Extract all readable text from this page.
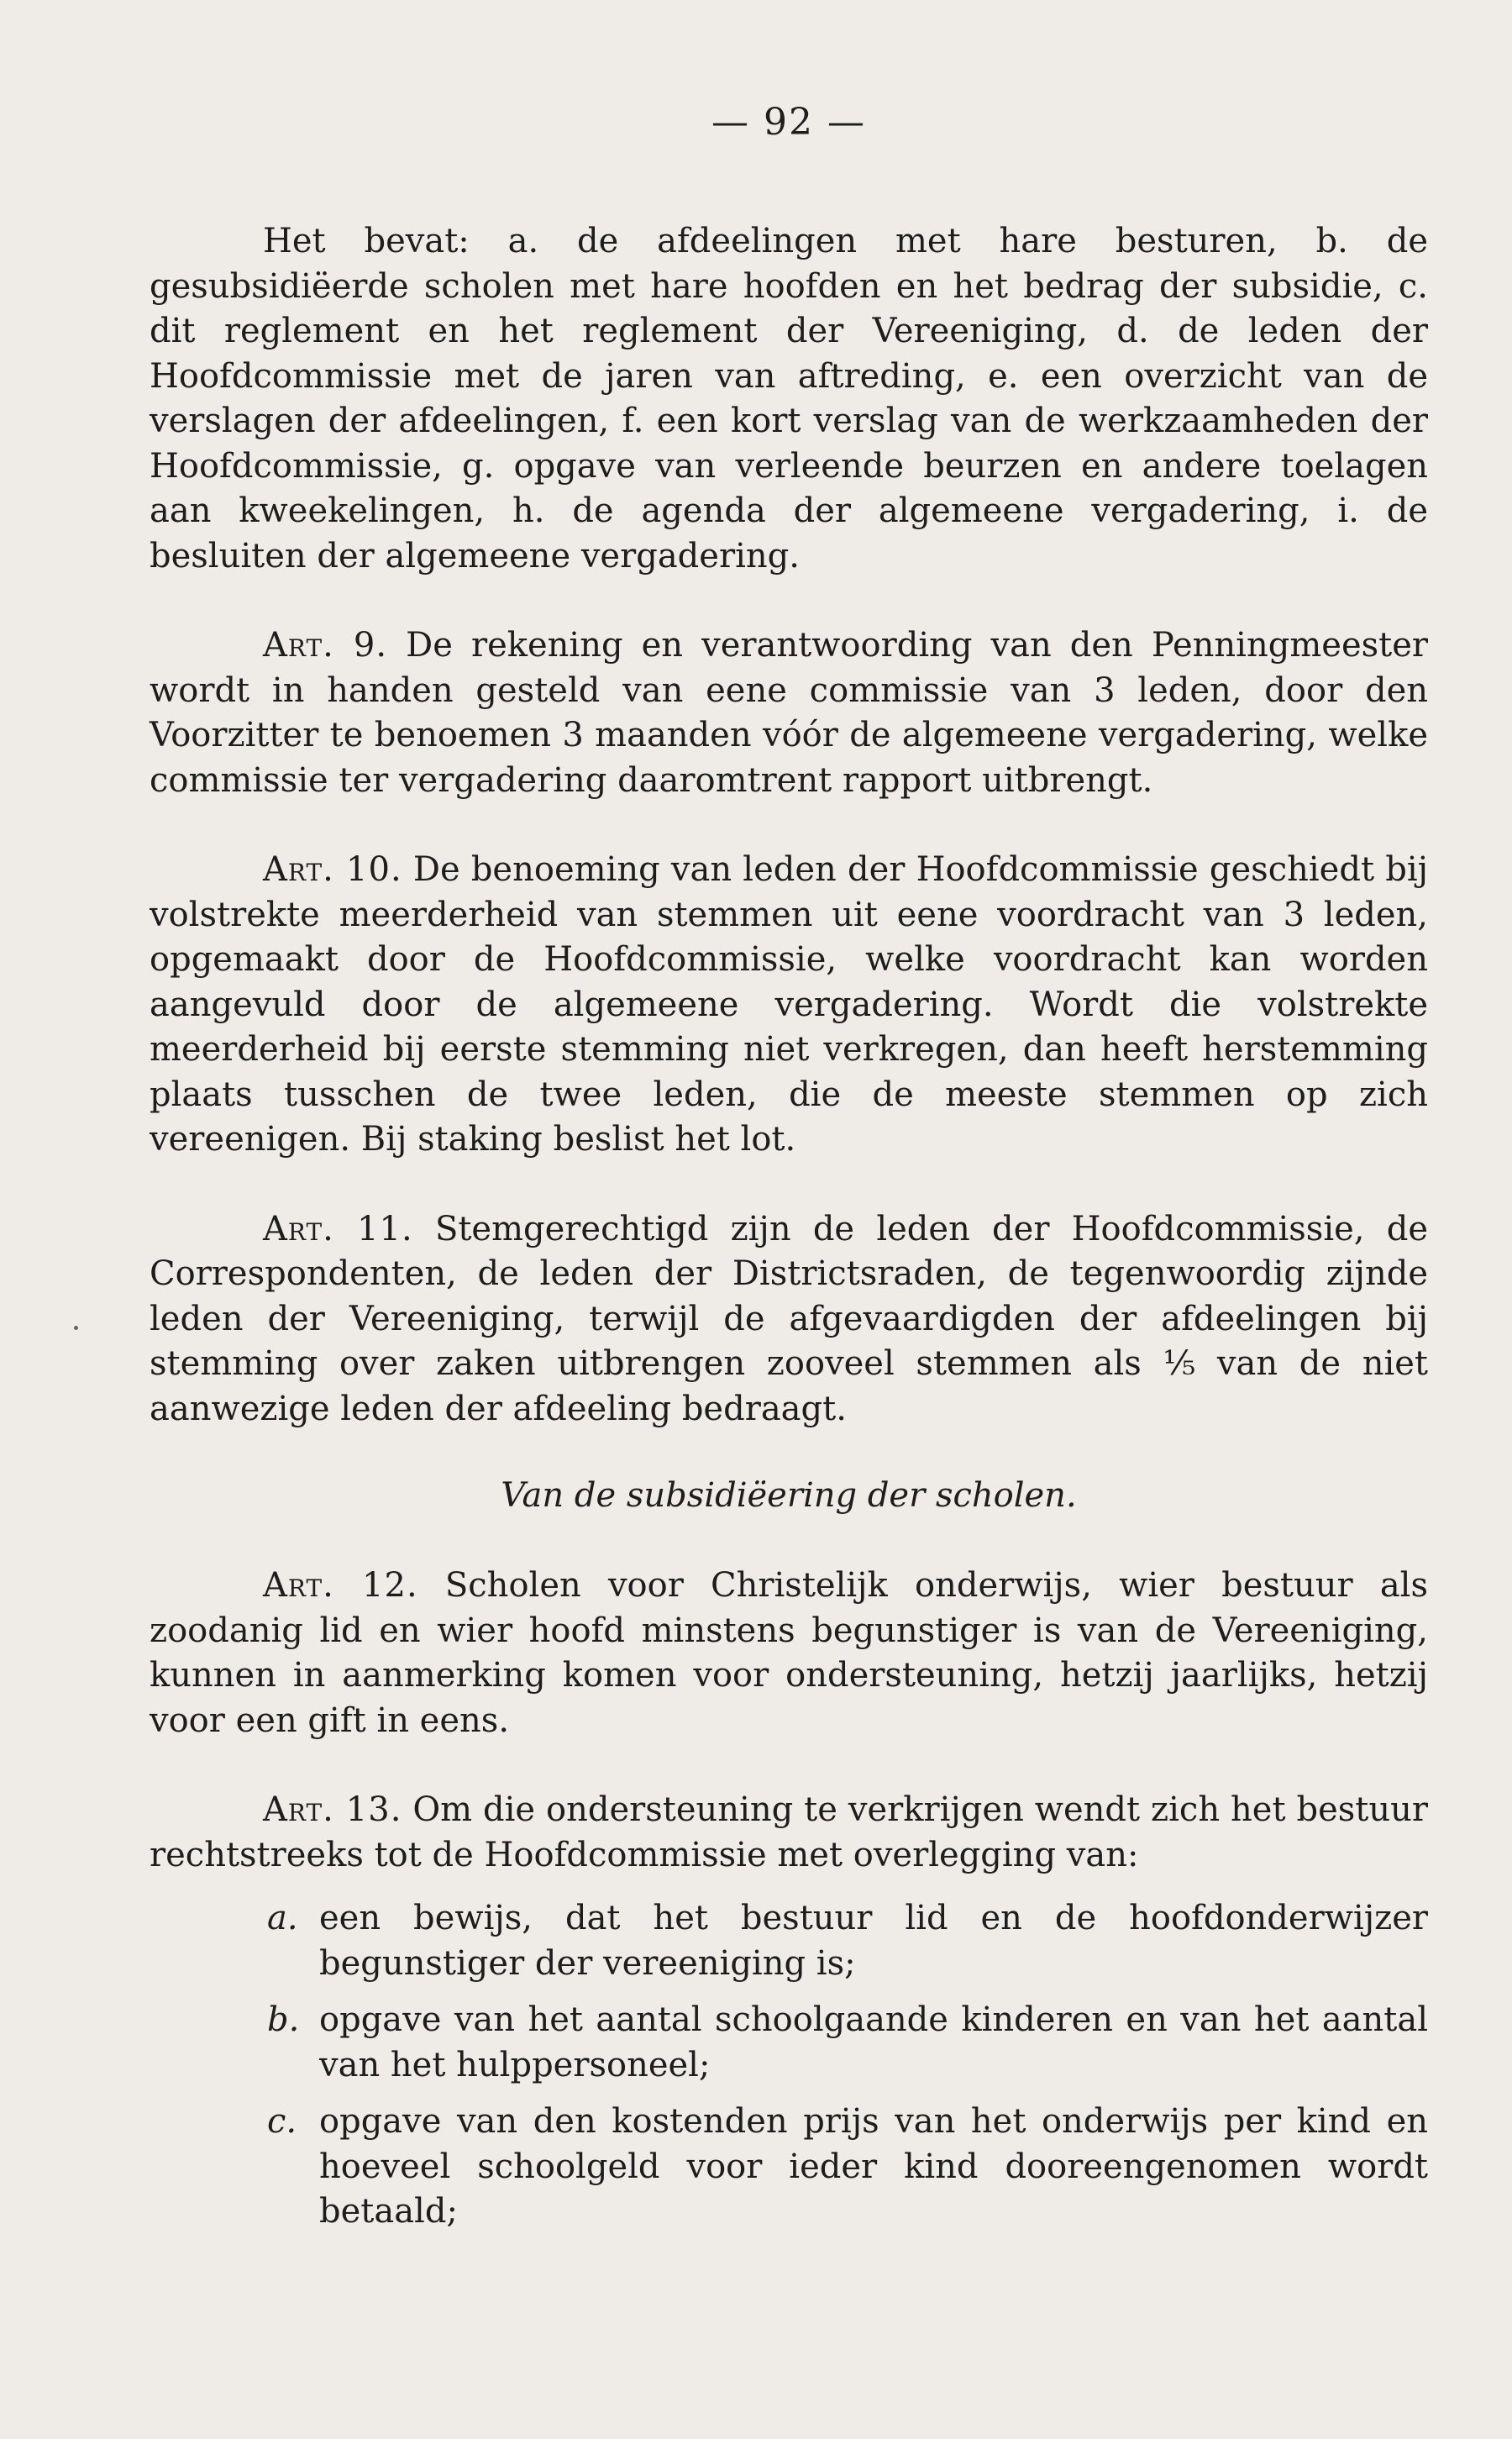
— 92 —

Het bevat: a. de afdeelingen met hare besturen, b. de gesubsidiëerde scholen met hare hoofden en het bedrag der subsidie, c. dit reglement en het reglement der Vereeniging, d. de leden der Hoofdcommissie met de jaren van aftreding, e. een overzicht van de verslagen der afdeelingen, f. een kort verslag van de werkzaamheden der Hoofdcommissie, g. opgave van verleende beurzen en andere toelagen aan kweekelingen, h. de agenda der algemeene vergadering, i. de besluiten der algemeene vergadering.

Art. 9. De rekening en verantwoording van den Penningmeester wordt in handen gesteld van eene commissie van 3 leden, door den Voorzitter te benoemen 3 maanden vóór de algemeene vergadering, welke commissie ter vergadering daaromtrent rapport uitbrengt.

Art. 10. De benoeming van leden der Hoofdcommissie geschiedt bij volstrekte meerderheid van stemmen uit eene voordracht van 3 leden, opgemaakt door de Hoofdcommissie, welke voordracht kan worden aangevuld door de algemeene vergadering. Wordt die volstrekte meerderheid bij eerste stemming niet verkregen, dan heeft herstemming plaats tusschen de twee leden, die de meeste stemmen op zich vereenigen. Bij staking beslist het lot.

Art. 11. Stemgerechtigd zijn de leden der Hoofdcommissie, de Correspondenten, de leden der Districtsraden, de tegenwoordig zijnde leden der Vereeniging, terwijl de afgevaardigden der afdeelingen bij stemming over zaken uitbrengen zooveel stemmen als ⅕ van de niet aanwezige leden der afdeeling bedraagt.

Van de subsidiëering der scholen.

Art. 12. Scholen voor Christelijk onderwijs, wier bestuur als zoodanig lid en wier hoofd minstens begunstiger is van de Vereeniging, kunnen in aanmerking komen voor ondersteuning, hetzij jaarlijks, hetzij voor een gift in eens.

Art. 13. Om die ondersteuning te verkrijgen wendt zich het bestuur rechtstreeks tot de Hoofdcommissie met overlegging van:

a. een bewijs, dat het bestuur lid en de hoofdonderwijzer begunstiger der vereeniging is;
b. opgave van het aantal schoolgaande kinderen en van het aantal van het hulppersoneel;
c. opgave van den kostenden prijs van het onderwijs per kind en hoeveel schoolgeld voor ieder kind dooreengenomen wordt betaald;
